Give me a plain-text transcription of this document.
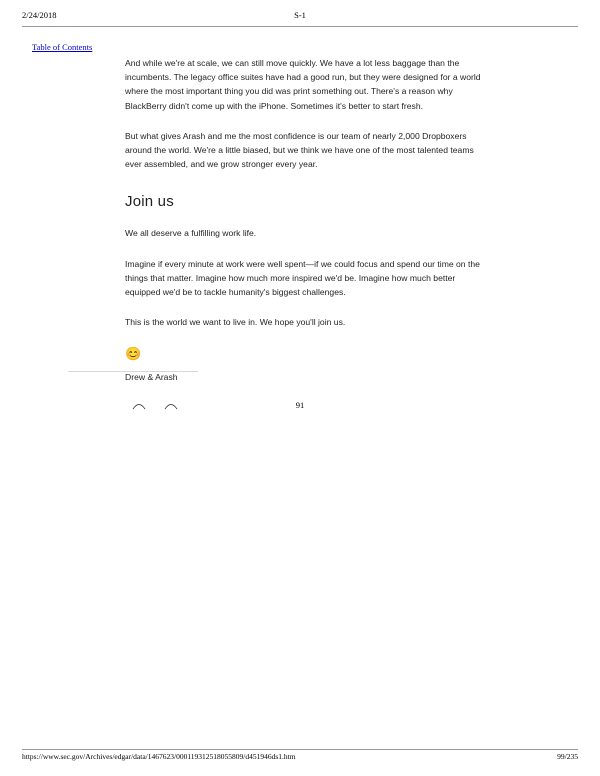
2/24/2018	S-1
Table of Contents

And while we're at scale, we can still move quickly. We have a lot less baggage than the incumbents. The legacy office suites have had a good run, but they were designed for a world where the most important thing you did was print something out. There's a reason why BlackBerry didn't come up with the iPhone. Sometimes it's better to start fresh.

But what gives Arash and me the most confidence is our team of nearly 2,000 Dropboxers around the world. We're a little biased, but we think we have one of the most talented teams ever assembled, and we grow stronger every year.

Join us

We all deserve a fulfilling work life.

Imagine if every minute at work were well spent—if we could focus and spend our time on the things that matter. Imagine how much more inspired we'd be. Imagine how much better equipped we'd be to tackle humanity's biggest challenges.

This is the world we want to live in. We hope you'll join us.

😊

Drew & Arash

91
https://www.sec.gov/Archives/edgar/data/1467623/000119312518055809/d451946ds1.htm	99/235
